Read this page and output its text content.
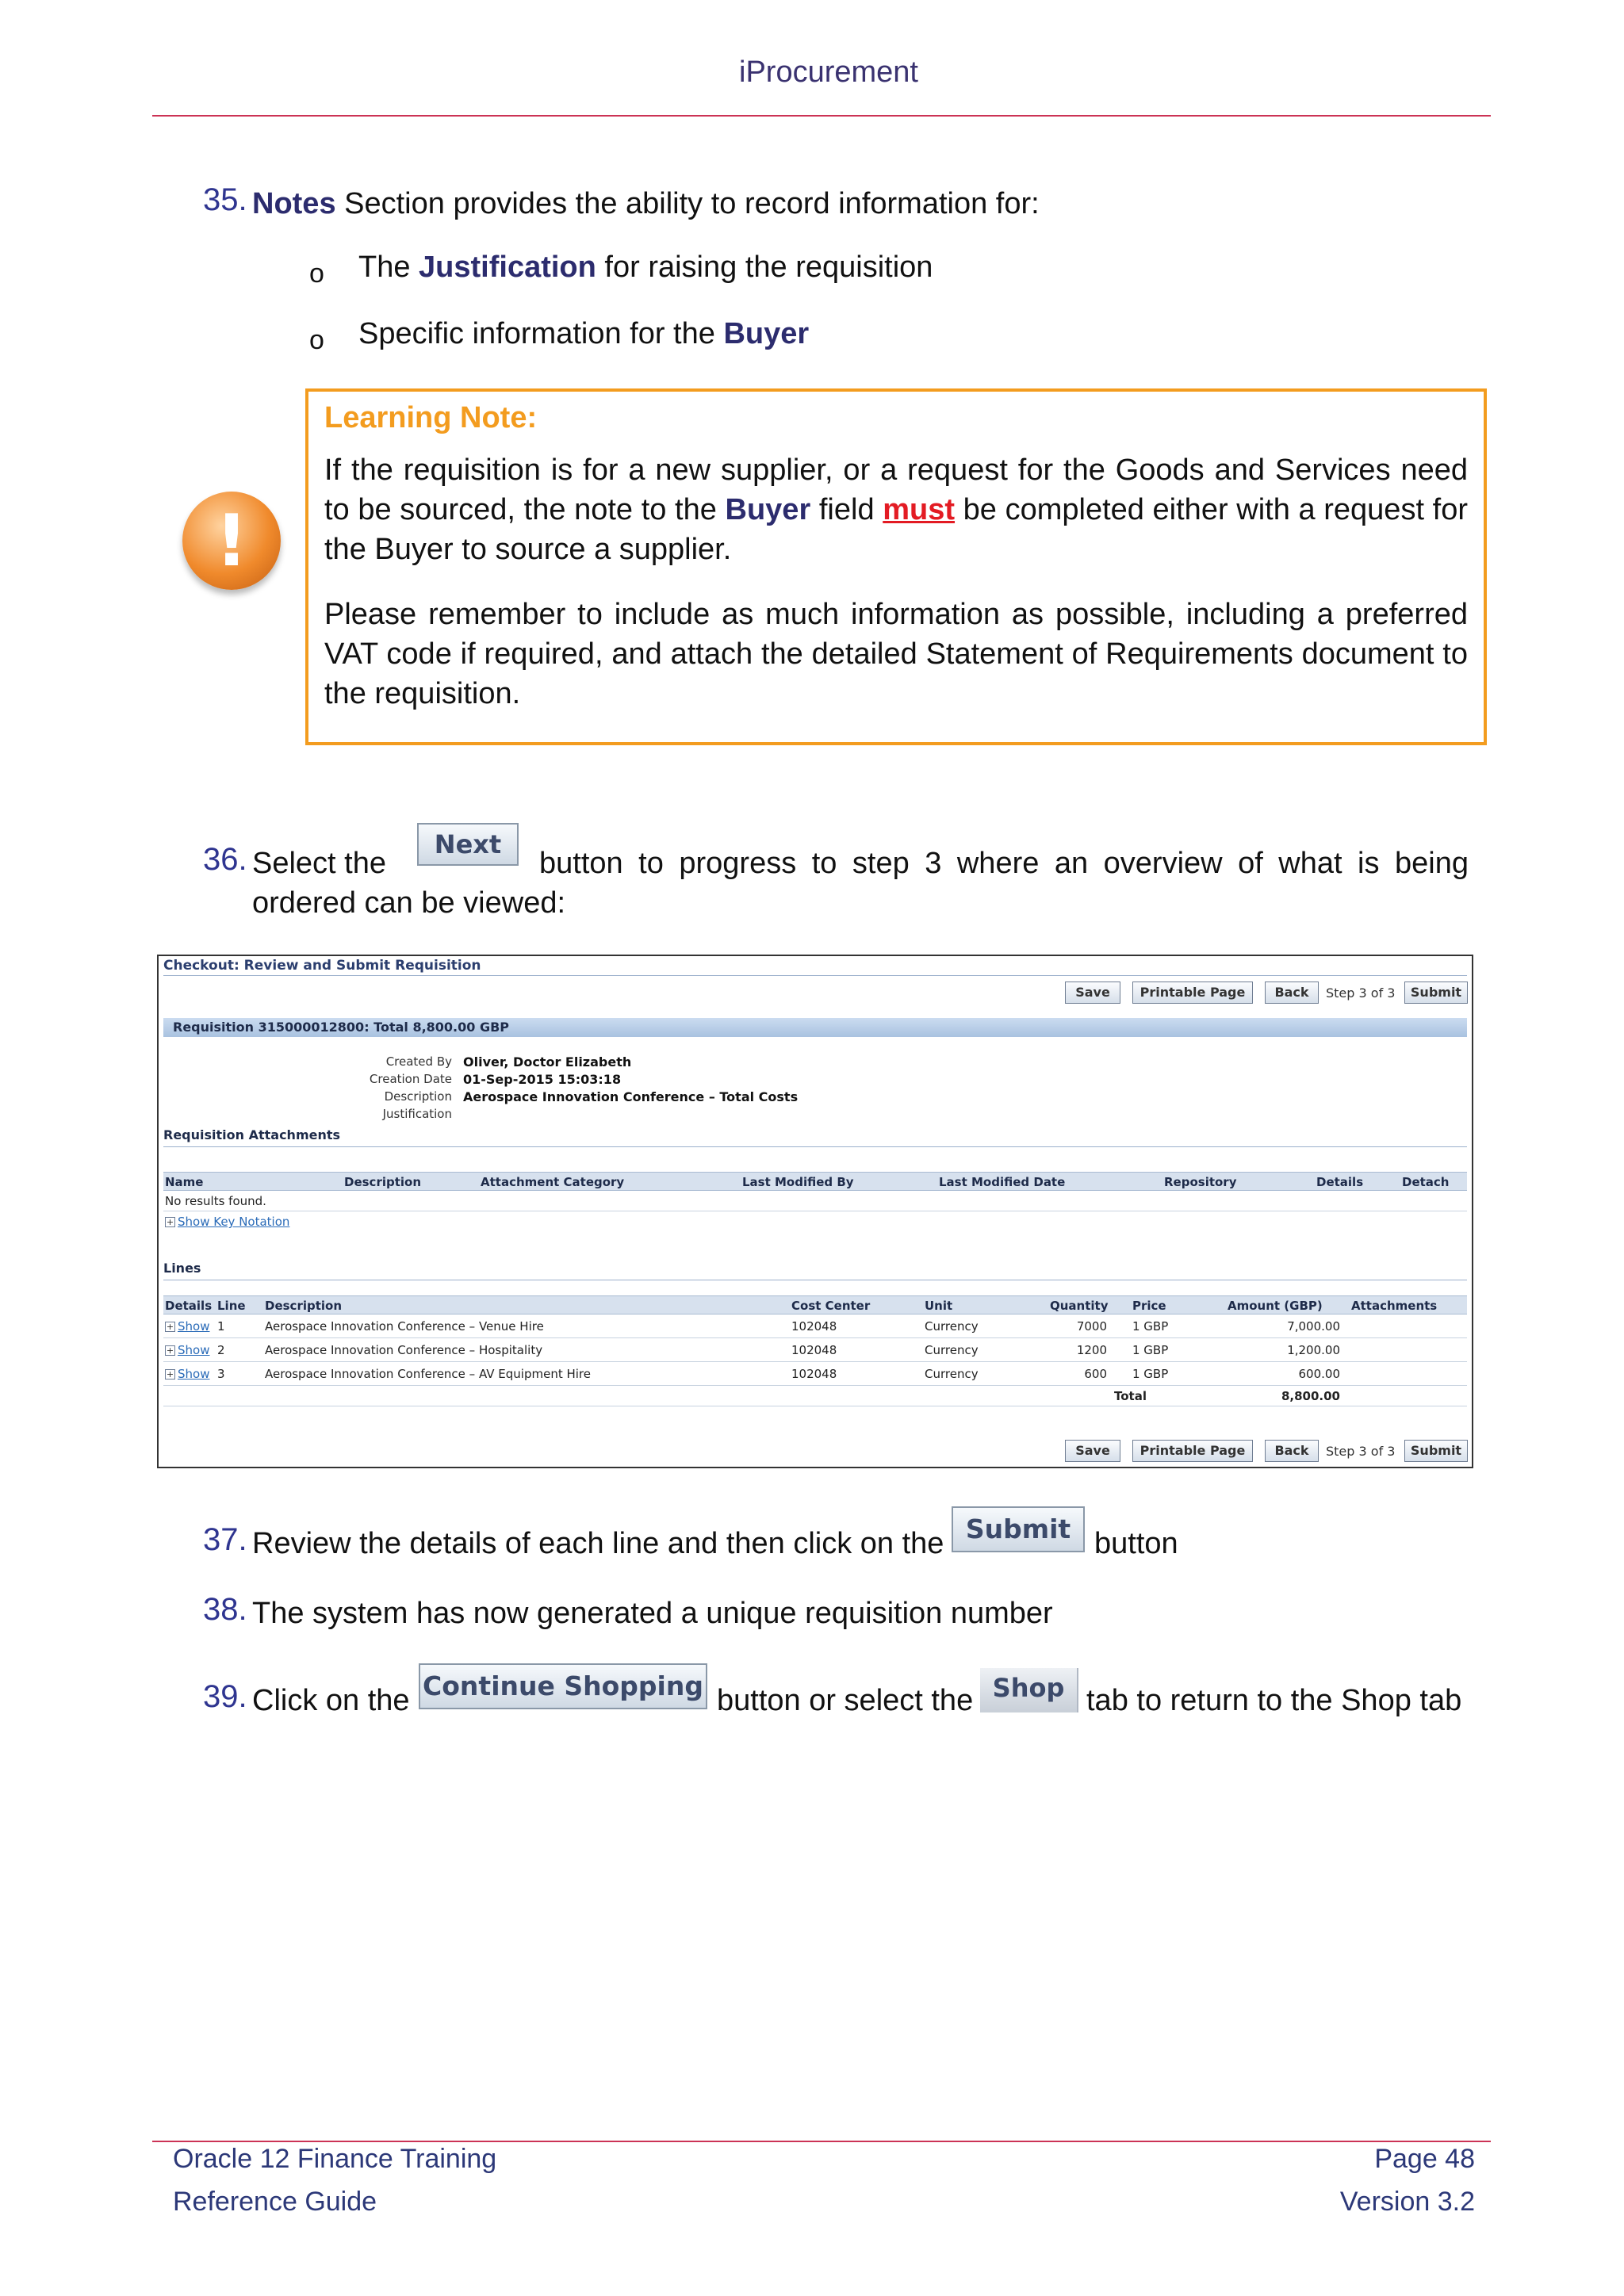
iProcurement
35. Notes Section provides the ability to record information for:
o The Justification for raising the requisition
o Specific information for the Buyer
!
Learning Note:
If the requisition is for a new supplier, or a request for the Goods and Services need to be sourced, the note to the Buyer field must be completed either with a request for the Buyer to source a supplier.
Please remember to include as much information as possible, including a preferred VAT code if required, and attach the detailed Statement of Requirements document to the requisition.
36. Select the
Next
button to progress to step 3 where an overview of what is being
ordered can be viewed:
Checkout: Review and Submit Requisition
Save	Printable Page	Back	Step 3 of 3	Submit
Requisition 315000012800: Total 8,800.00 GBP
Created By Oliver, Doctor Elizabeth
Creation Date 01-Sep-2015 15:03:18
Description Aerospace Innovation Conference – Total Costs
Justification
Requisition Attachments
Name	Description	Attachment Category	Last Modified By	Last Modified Date	Repository	Details	Detach
No results found.
+ Show Key Notation
Lines
Details Line Description	Cost Center	Unit	Quantity Price	Amount (GBP) Attachments
+ Show 1	Aerospace Innovation Conference – Venue Hire	102048	Currency	7000 1 GBP	7,000.00
+ Show 2	Aerospace Innovation Conference – Hospitality	102048	Currency	1200 1 GBP	1,200.00
+ Show 3	Aerospace Innovation Conference – AV Equipment Hire	102048	Currency	600 1 GBP	600.00
Total	8,800.00
Save	Printable Page	Back	Step 3 of 3	Submit
37. Review the details of each line and then click on the Submit button
38. The system has now generated a unique requisition number
39. Click on the Continue Shopping button or select the Shop tab to return to the Shop tab
Oracle 12 Finance Training
Reference Guide
Page 48
Version 3.2
